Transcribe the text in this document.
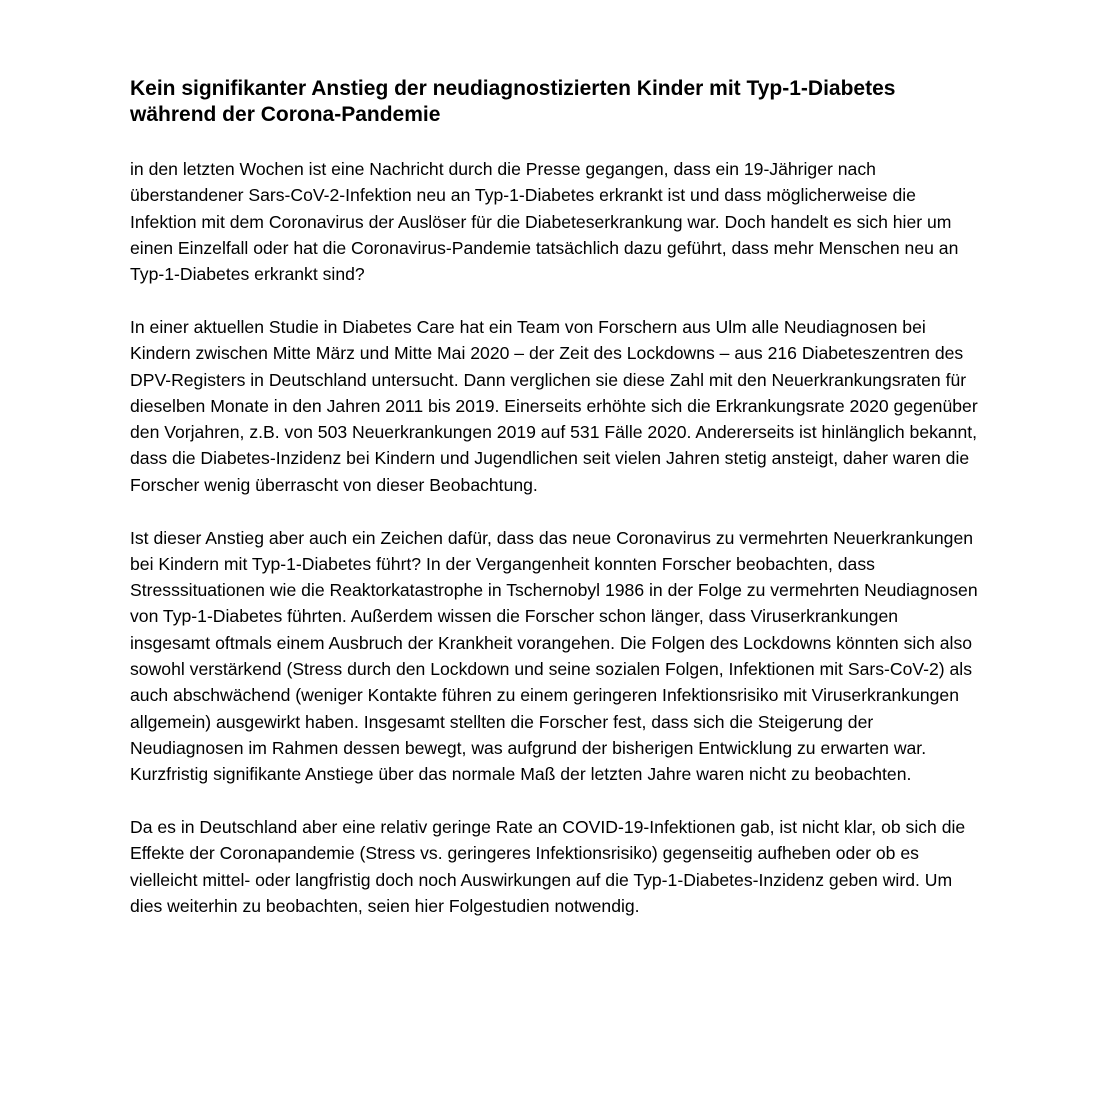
Kein signifikanter Anstieg der neudiagnostizierten Kinder mit Typ-1-Diabetes
während der Corona-Pandemie

in den letzten Wochen ist eine Nachricht durch die Presse gegangen, dass ein 19-Jähriger nach überstandener Sars-CoV-2-Infektion neu an Typ-1-Diabetes erkrankt ist und dass möglicherweise die Infektion mit dem Coronavirus der Auslöser für die Diabeteserkrankung war. Doch handelt es sich hier um einen Einzelfall oder hat die Coronavirus-Pandemie tatsächlich dazu geführt, dass mehr Menschen neu an Typ-1-Diabetes erkrankt sind?

In einer aktuellen Studie in Diabetes Care hat ein Team von Forschern aus Ulm alle Neudiagnosen bei Kindern zwischen Mitte März und Mitte Mai 2020 – der Zeit des Lockdowns – aus 216 Diabeteszentren des DPV-Registers in Deutschland untersucht. Dann verglichen sie diese Zahl mit den Neuerkrankungsraten für dieselben Monate in den Jahren 2011 bis 2019. Einerseits erhöhte sich die Erkrankungsrate 2020 gegenüber den Vorjahren, z.B. von 503 Neuerkrankungen 2019 auf 531 Fälle 2020. Andererseits ist hinlänglich bekannt, dass die Diabetes-Inzidenz bei Kindern und Jugendlichen seit vielen Jahren stetig ansteigt, daher waren die Forscher wenig überrascht von dieser Beobachtung.

Ist dieser Anstieg aber auch ein Zeichen dafür, dass das neue Coronavirus zu vermehrten Neuerkrankungen bei Kindern mit Typ-1-Diabetes führt? In der Vergangenheit konnten Forscher beobachten, dass Stresssituationen wie die Reaktorkatastrophe in Tschernobyl 1986 in der Folge zu vermehrten Neudiagnosen von Typ-1-Diabetes führten. Außerdem wissen die Forscher schon länger, dass Viruserkrankungen insgesamt oftmals einem Ausbruch der Krankheit vorangehen. Die Folgen des Lockdowns könnten sich also sowohl verstärkend (Stress durch den Lockdown und seine sozialen Folgen, Infektionen mit Sars-CoV-2) als auch abschwächend (weniger Kontakte führen zu einem geringeren Infektionsrisiko mit Viruserkrankungen allgemein) ausgewirkt haben. Insgesamt stellten die Forscher fest, dass sich die Steigerung der Neudiagnosen im Rahmen dessen bewegt, was aufgrund der bisherigen Entwicklung zu erwarten war. Kurzfristig signifikante Anstiege über das normale Maß der letzten Jahre waren nicht zu beobachten.

Da es in Deutschland aber eine relativ geringe Rate an COVID-19-Infektionen gab, ist nicht klar, ob sich die Effekte der Coronapandemie (Stress vs. geringeres Infektionsrisiko) gegenseitig aufheben oder ob es vielleicht mittel- oder langfristig doch noch Auswirkungen auf die Typ-1-Diabetes-Inzidenz geben wird. Um dies weiterhin zu beobachten, seien hier Folgestudien notwendig.
